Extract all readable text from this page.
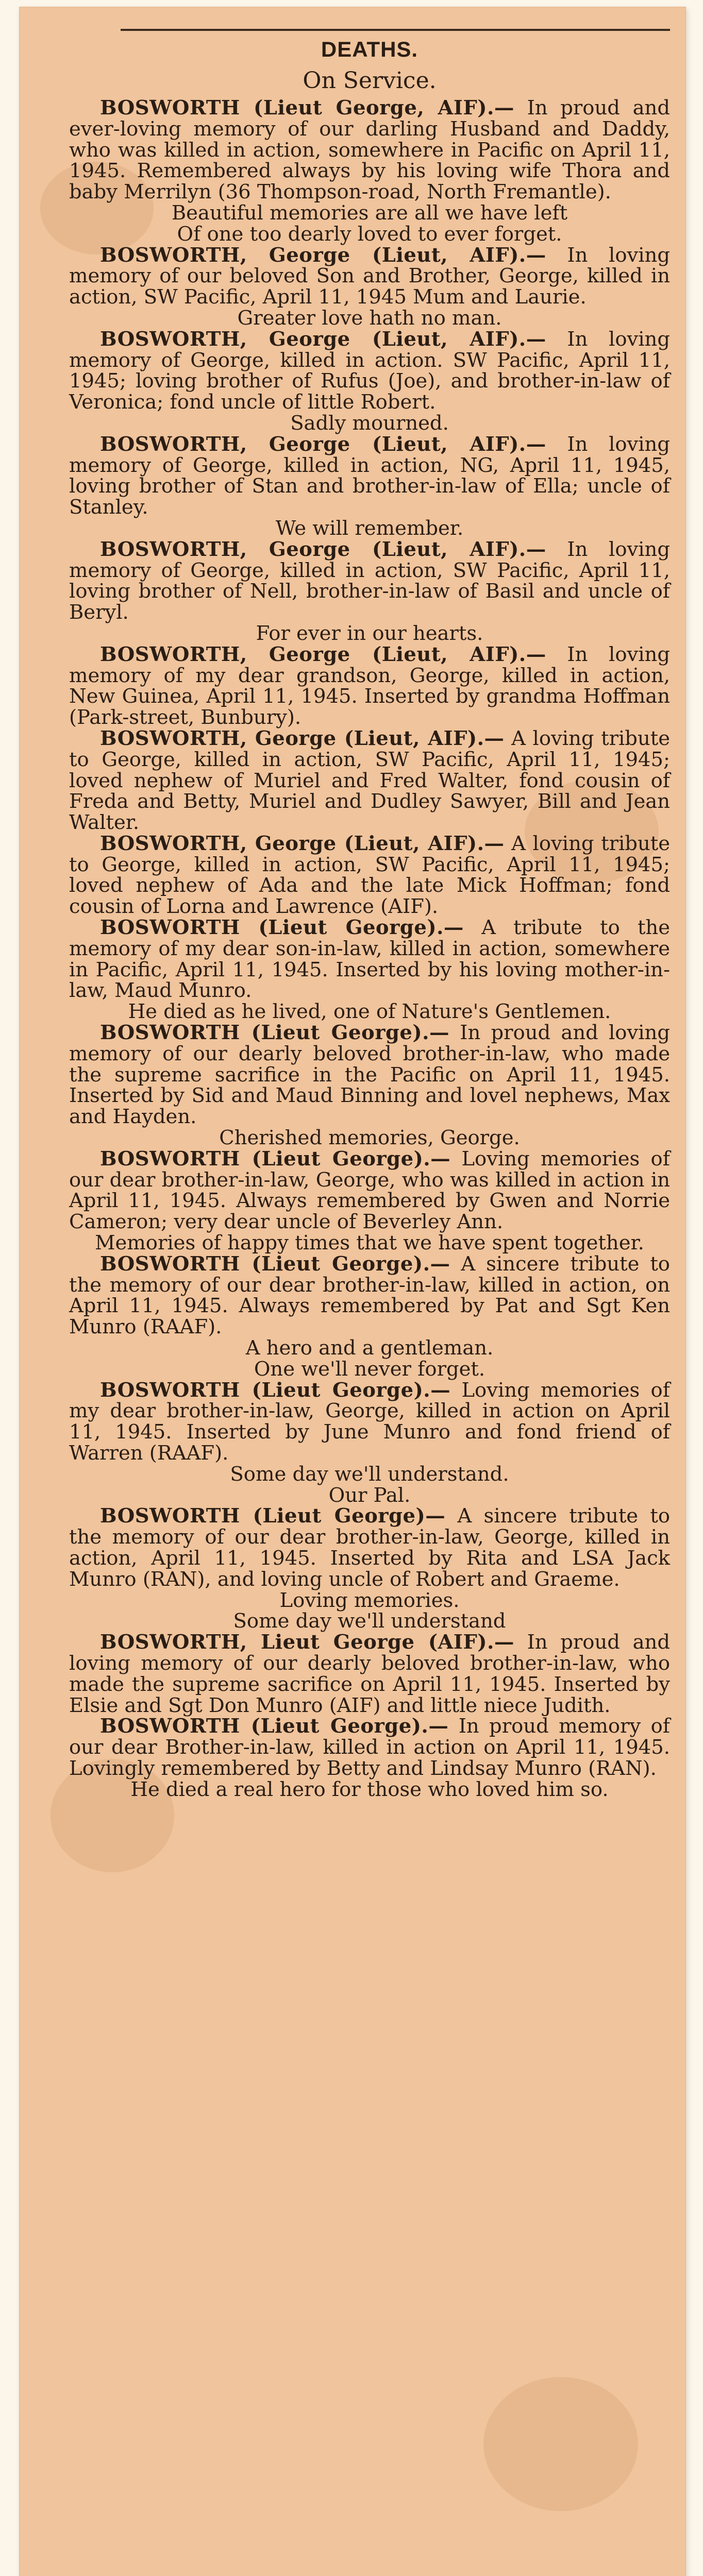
DEATHS.
On Service.

BOSWORTH (Lieut George, AIF).— In proud and ever-loving memory of our darling Husband and Daddy, who was killed in action, somewhere in Pacific on April 11, 1945. Remembered always by his loving wife Thora and baby Merrilyn (36 Thompson-road, North Fremantle).

Beautiful memories are all we have left

Of one too dearly loved to ever forget.

BOSWORTH, George (Lieut, AIF).— In loving memory of our beloved Son and Brother, George, killed in action, SW Pacific, April 11, 1945 Mum and Laurie.

Greater love hath no man.

BOSWORTH, George (Lieut, AIF).— In loving memory of George, killed in action. SW Pacific, April 11, 1945; loving brother of Rufus (Joe), and brother-in-law of Veronica; fond uncle of little Robert.

Sadly mourned.

BOSWORTH, George (Lieut, AIF).— In loving memory of George, killed in action, NG, April 11, 1945, loving brother of Stan and brother-in-law of Ella; uncle of Stanley.

We will remember.

BOSWORTH, George (Lieut, AIF).— In loving memory of George, killed in action, SW Pacific, April 11, loving brother of Nell, brother-in-law of Basil and uncle of Beryl.

For ever in our hearts.

BOSWORTH, George (Lieut, AIF).— In loving memory of my dear grandson, George, killed in action, New Guinea, April 11, 1945. Inserted by grandma Hoffman (Park-street, Bunbury).

BOSWORTH, George (Lieut, AIF).— A loving tribute to George, killed in action, SW Pacific, April 11, 1945; loved nephew of Muriel and Fred Walter, fond cousin of Freda and Betty, Muriel and Dudley Sawyer, Bill and Jean Walter.

BOSWORTH, George (Lieut, AIF).— A loving tribute to George, killed in action, SW Pacific, April 11, 1945; loved nephew of Ada and the late Mick Hoffman; fond cousin of Lorna and Lawrence (AIF).

BOSWORTH (Lieut George).— A tribute to the memory of my dear son-in-law, killed in action, somewhere in Pacific, April 11, 1945. Inserted by his loving mother-in-law, Maud Munro.

He died as he lived, one of Nature's Gentlemen.

BOSWORTH (Lieut George).— In proud and loving memory of our dearly beloved brother-in-law, who made the supreme sacrifice in the Pacific on April 11, 1945. Inserted by Sid and Maud Binning and lovel nephews, Max and Hayden.

Cherished memories, George.

BOSWORTH (Lieut George).— Loving memories of our dear brother-in-law, George, who was killed in action in April 11, 1945. Always remembered by Gwen and Norrie Cameron; very dear uncle of Beverley Ann.

Memories of happy times that we have spent together.

BOSWORTH (Lieut George).— A sincere tribute to the memory of our dear brother-in-law, killed in action, on April 11, 1945. Always remembered by Pat and Sgt Ken Munro (RAAF).

A hero and a gentleman.

One we'll never forget.

BOSWORTH (Lieut George).— Loving memories of my dear brother-in-law, George, killed in action on April 11, 1945. Inserted by June Munro and fond friend of Warren (RAAF).

Some day we'll understand.

Our Pal.

BOSWORTH (Lieut George)— A sincere tribute to the memory of our dear brother-in-law, George, killed in action, April 11, 1945. Inserted by Rita and LSA Jack Munro (RAN), and loving uncle of Robert and Graeme.

Loving memories.

Some day we'll understand

BOSWORTH, Lieut George (AIF).— In proud and loving memory of our dearly beloved brother-in-law, who made the supreme sacrifice on April 11, 1945. Inserted by Elsie and Sgt Don Munro (AIF) and little niece Judith.

BOSWORTH (Lieut George).— In proud memory of our dear Brother-in-law, killed in action on April 11, 1945. Lovingly remembered by Betty and Lindsay Munro (RAN).

He died a real hero for those who loved him so.
